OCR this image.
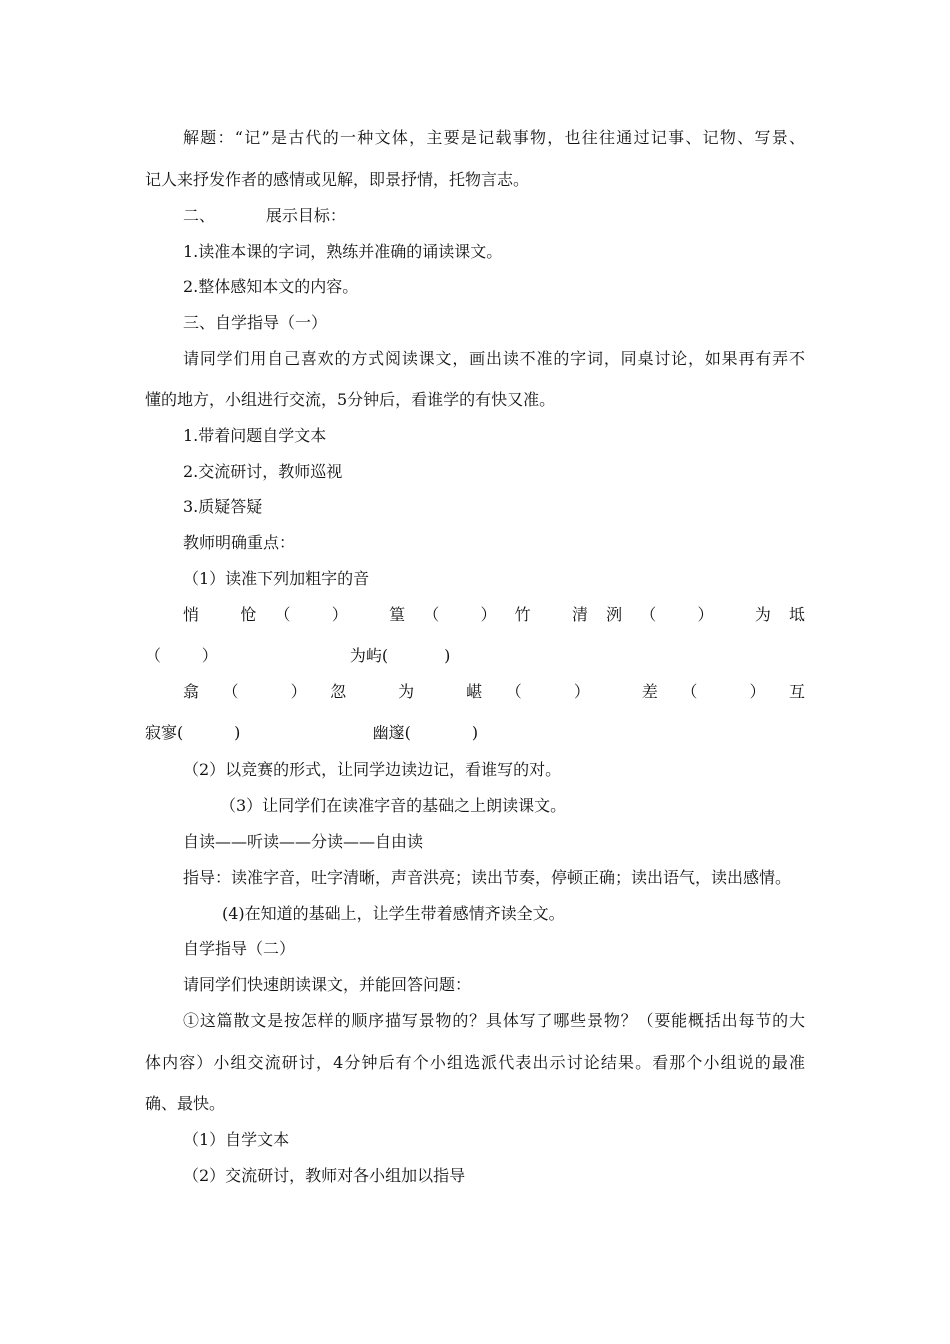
解题：“记”是古代的一种文体，主要是记载事物，也往往通过记事、记物、写景、
记人来抒发作者的感情或见解，即景抒情，托物言志。
二、          展示目标：
1.读准本课的字词，熟练并准确的诵读课文。
2.整体感知本文的内容。
三、自学指导（一）
请同学们用自己喜欢的方式阅读课文，画出读不准的字词，同桌讨论，如果再有弄不
懂的地方，小组进行交流，5分钟后，看谁学的有快又准。
1.带着问题自学文本
2.交流研讨，教师巡视
3.质疑答疑
教师明确重点：
（1）读准下列加粗字的音
悄 怆（ ） 篁（ ）竹 清洌（ ） 为坻
（        ）                          为屿(           )
翕（ ）忽 为 嵁（ ） 差（ ）互
寂寥(          )                          幽邃(            )
（2）以竞赛的形式，让同学边读边记，看谁写的对。
（3）让同学们在读准字音的基础之上朗读课文。
自读——听读——分读——自由读
指导：读准字音，吐字清晰，声音洪亮；读出节奏，停顿正确；读出语气，读出感情。
(4)在知道的基础上，让学生带着感情齐读全文。
自学指导（二）
请同学们快速朗读课文，并能回答问题：
①这篇散文是按怎样的顺序描写景物的？具体写了哪些景物？（要能概括出每节的大
体内容）小组交流研讨，4分钟后有个小组选派代表出示讨论结果。看那个小组说的最准
确、最快。
（1）自学文本
（2）交流研讨，教师对各小组加以指导
